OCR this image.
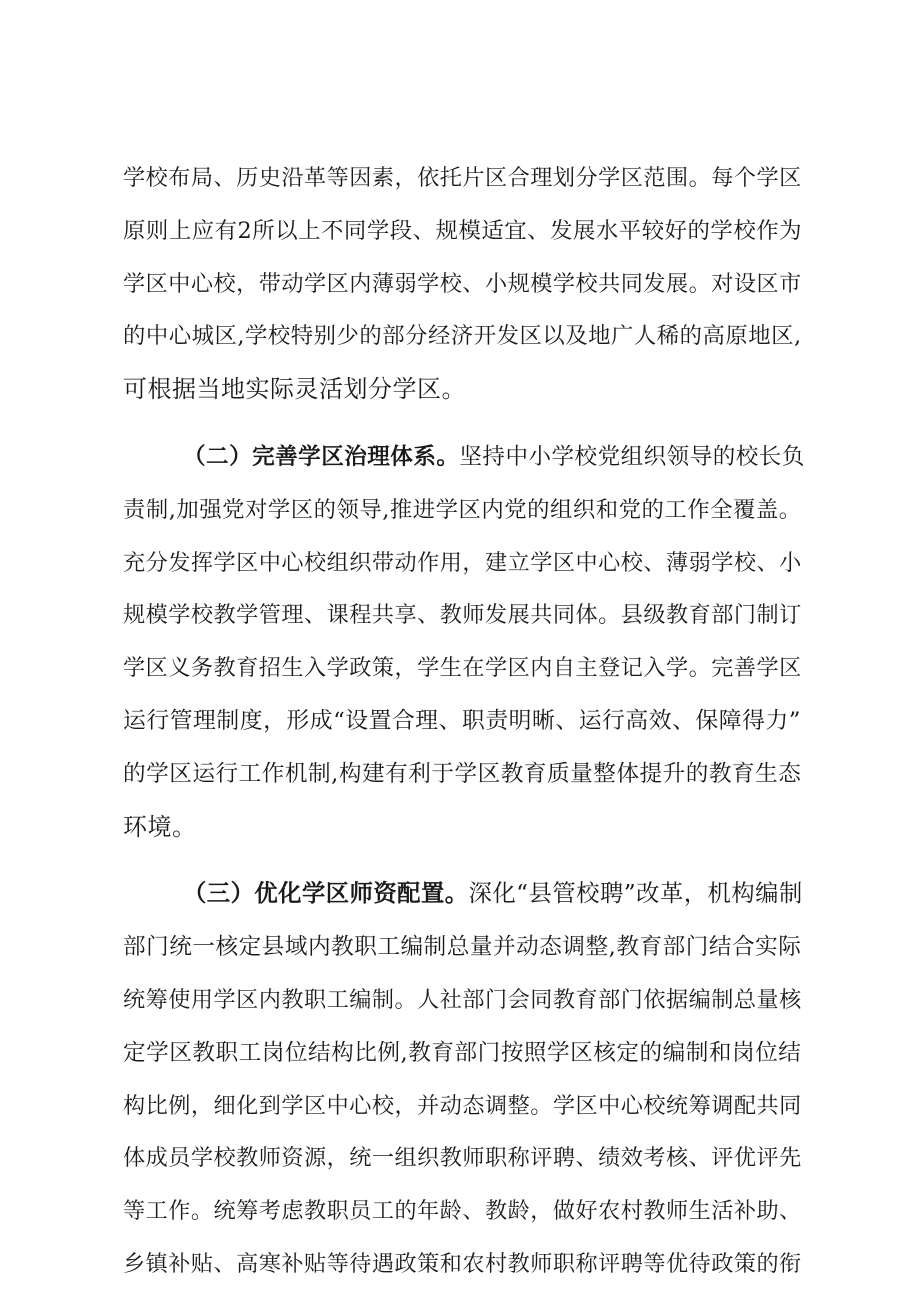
学校布局、历史沿革等因素，依托片区合理划分学区范围。每个学区
原则上应有2所以上不同学段、规模适宜、发展水平较好的学校作为
学区中心校，带动学区内薄弱学校、小规模学校共同发展。对设区市
的中心城区,学校特别少的部分经济开发区以及地广人稀的高原地区,
可根据当地实际灵活划分学区。
（二）完善学区治理体系。坚持中小学校党组织领导的校长负
责制,加强党对学区的领导,推进学区内党的组织和党的工作全覆盖。
充分发挥学区中心校组织带动作用，建立学区中心校、薄弱学校、小
规模学校教学管理、课程共享、教师发展共同体。县级教育部门制订
学区义务教育招生入学政策，学生在学区内自主登记入学。完善学区
运行管理制度，形成“设置合理、职责明晰、运行高效、保障得力”
的学区运行工作机制,构建有利于学区教育质量整体提升的教育生态
环境。
（三）优化学区师资配置。深化“县管校聘”改革，机构编制
部门统一核定县域内教职工编制总量并动态调整,教育部门结合实际
统筹使用学区内教职工编制。人社部门会同教育部门依据编制总量核
定学区教职工岗位结构比例,教育部门按照学区核定的编制和岗位结
构比例，细化到学区中心校，并动态调整。学区中心校统筹调配共同
体成员学校教师资源，统一组织教师职称评聘、绩效考核、评优评先
等工作。统筹考虑教职员工的年龄、教龄，做好农村教师生活补助、
乡镇补贴、高寒补贴等待遇政策和农村教师职称评聘等优待政策的衔
